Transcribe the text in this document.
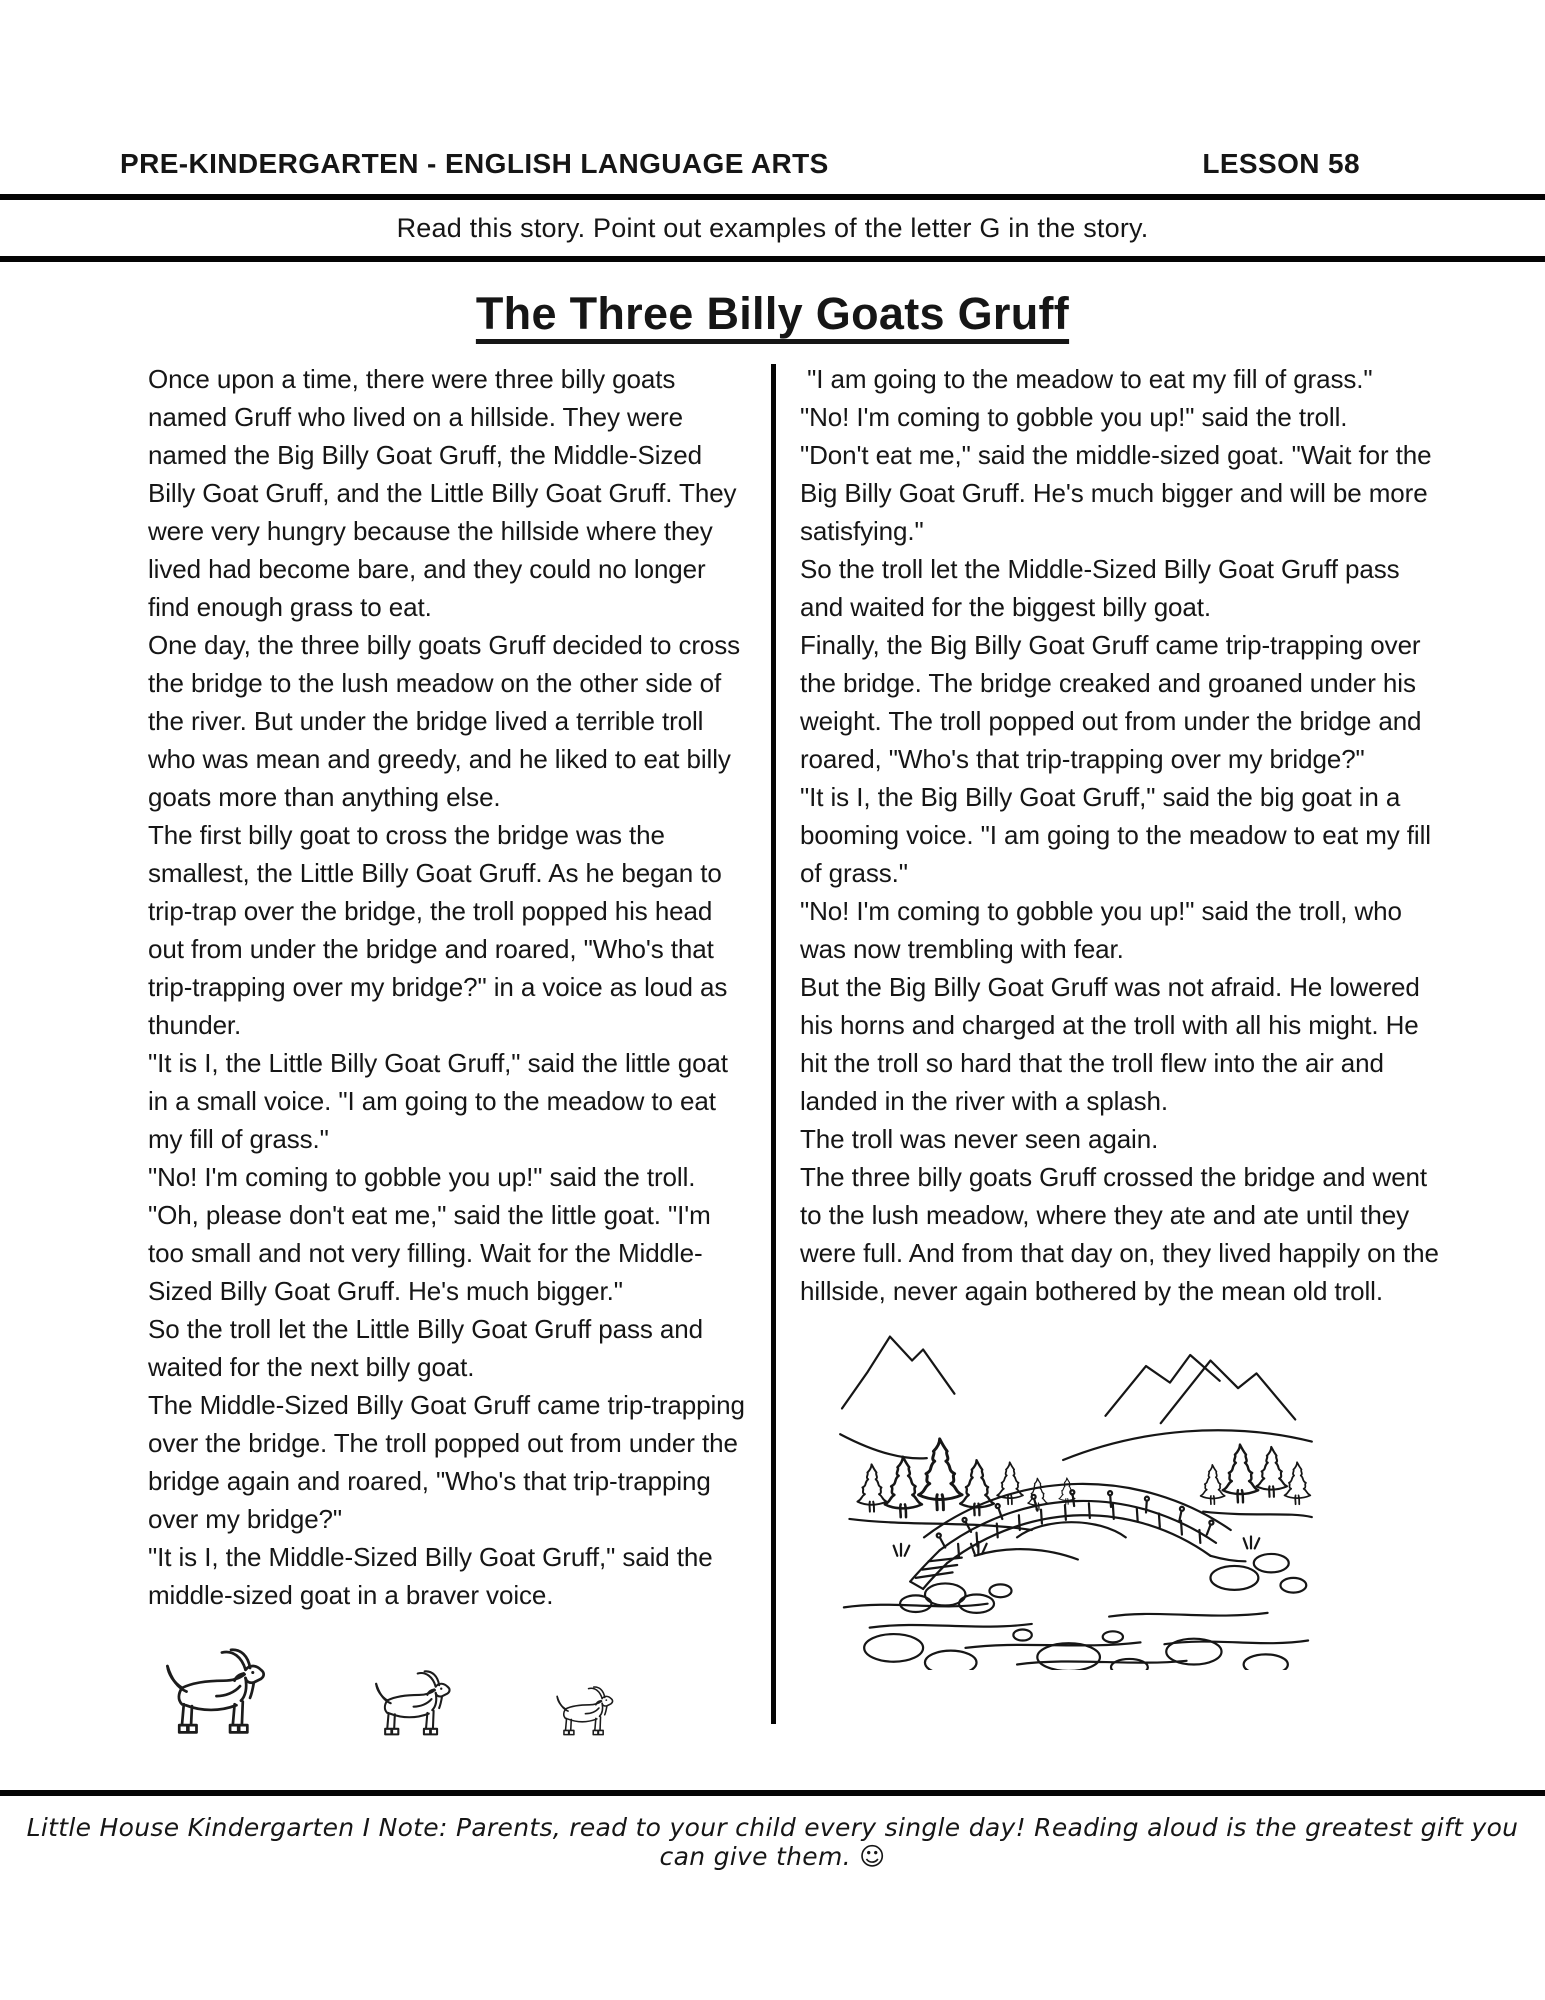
PRE-KINDERGARTEN - ENGLISH LANGUAGE ARTS	LESSON 58
Read this story. Point out examples of the letter G in the story.
The Three Billy Goats Gruff

Once upon a time, there were three billy goats named Gruff who lived on a hillside. They were named the Big Billy Goat Gruff, the Middle-Sized Billy Goat Gruff, and the Little Billy Goat Gruff. They were very hungry because the hillside where they lived had become bare, and they could no longer find enough grass to eat.

One day, the three billy goats Gruff decided to cross the bridge to the lush meadow on the other side of the river. But under the bridge lived a terrible troll who was mean and greedy, and he liked to eat billy goats more than anything else.

The first billy goat to cross the bridge was the smallest, the Little Billy Goat Gruff. As he began to trip-trap over the bridge, the troll popped his head out from under the bridge and roared, "Who's that trip-trapping over my bridge?" in a voice as loud as thunder.

"It is I, the Little Billy Goat Gruff," said the little goat in a small voice. "I am going to the meadow to eat my fill of grass."

"No! I'm coming to gobble you up!" said the troll.

"Oh, please don't eat me," said the little goat. "I'm too small and not very filling. Wait for the Middle-Sized Billy Goat Gruff. He's much bigger."

So the troll let the Little Billy Goat Gruff pass and waited for the next billy goat.

The Middle-Sized Billy Goat Gruff came trip-trapping over the bridge. The troll popped out from under the bridge again and roared, "Who's that trip-trapping over my bridge?"

"It is I, the Middle-Sized Billy Goat Gruff," said the middle-sized goat in a braver voice.

"I am going to the meadow to eat my fill of grass."

"No! I'm coming to gobble you up!" said the troll.

"Don't eat me," said the middle-sized goat. "Wait for the Big Billy Goat Gruff. He's much bigger and will be more satisfying."

So the troll let the Middle-Sized Billy Goat Gruff pass and waited for the biggest billy goat.

Finally, the Big Billy Goat Gruff came trip-trapping over the bridge. The bridge creaked and groaned under his weight. The troll popped out from under the bridge and roared, "Who's that trip-trapping over my bridge?"

"It is I, the Big Billy Goat Gruff," said the big goat in a booming voice. "I am going to the meadow to eat my fill of grass."

"No! I'm coming to gobble you up!" said the troll, who was now trembling with fear.

But the Big Billy Goat Gruff was not afraid. He lowered his horns and charged at the troll with all his might. He hit the troll so hard that the troll flew into the air and landed in the river with a splash.

The troll was never seen again.

The three billy goats Gruff crossed the bridge and went to the lush meadow, where they ate and ate until they were full. And from that day on, they lived happily on the hillside, never again bothered by the mean old troll.

Little House Kindergarten I Note: Parents, read to your child every single day! Reading aloud is the greatest gift you can give them. ☺
